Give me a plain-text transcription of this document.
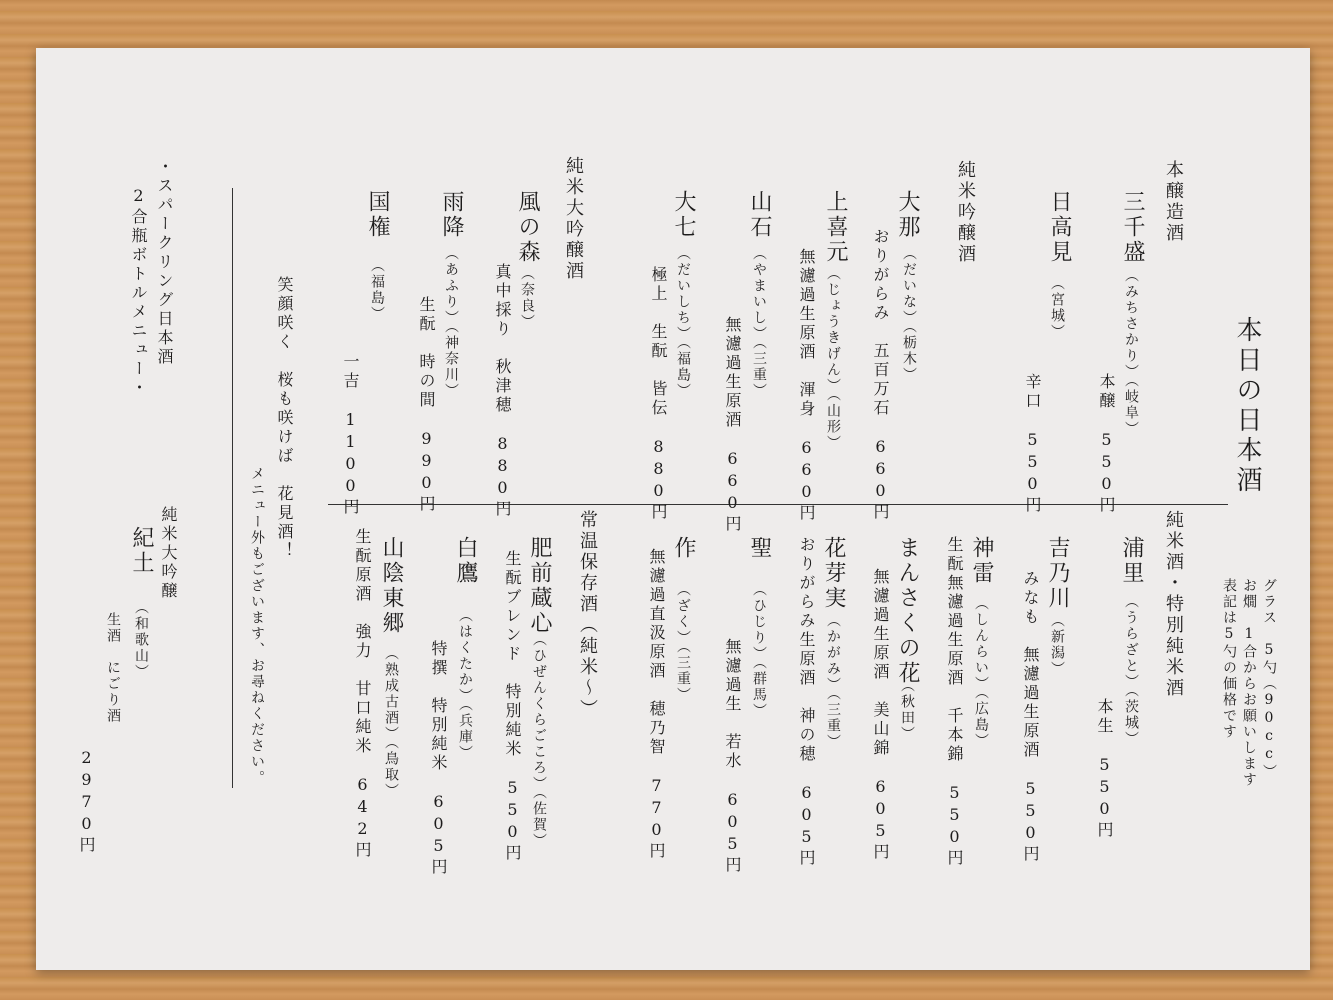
本日の日本酒
グラス　5勺（90cc）
お燗　1合からお願いします
表記は5勺の価格です
本醸造酒
純米吟醸酒
純米大吟醸酒	三千盛
（みちさかり）（岐阜）
本醸　550円
日高見
（宮城）
辛口　550円
大那
（だいな）（栃木）
おりがらみ　五百万石　660円
上喜元
（じょうきげん）（山形）
無濾過生原酒　渾身　660円
山石
（やまいし）（三重）
無濾過生原酒　660円
大七
（だいしち）（福島）
極上　生酛　皆伝　880円
風の森
（奈良）
真中採り　秋津穂　880円
雨降
（あふり）（神奈川）
生酛　時の間　990円
国権
（福島）
一吉　1100円
純米酒・特別純米酒
常温保存酒（純米〜）	浦里
（うらざと）（茨城）
本生　550円
吉乃川
（新潟）
みなも　無濾過生原酒　550円
神雷
（しんらい）（広島）
生酛無濾過生原酒　千本錦　550円
まんさくの花
（秋田）
無濾過生原酒　美山錦　605円
花芽実
（かがみ）（三重）
おりがらみ生原酒　神の穂　605円
聖
（ひじり）（群馬）
無濾過生　若水　605円
作
（ざく）（三重）
無濾過直汲原酒　穂乃智　770円
肥前蔵心
（ひぜんくらごころ）（佐賀）
生酛ブレンド　特別純米　550円
白鷹
（はくたか）（兵庫）
特撰　特別純米　605円
山陰東郷
（熟成古酒）（鳥取）
生酛原酒　強力　甘口純米　642円
笑顔咲く　桜も咲けば　花見酒！
メニュー外もございます、お尋ねください。
・スパークリング日本酒
2合瓶ボトルメニュー・
純米大吟醸
紀土
（和歌山）
生酒　にごり酒
2970円
